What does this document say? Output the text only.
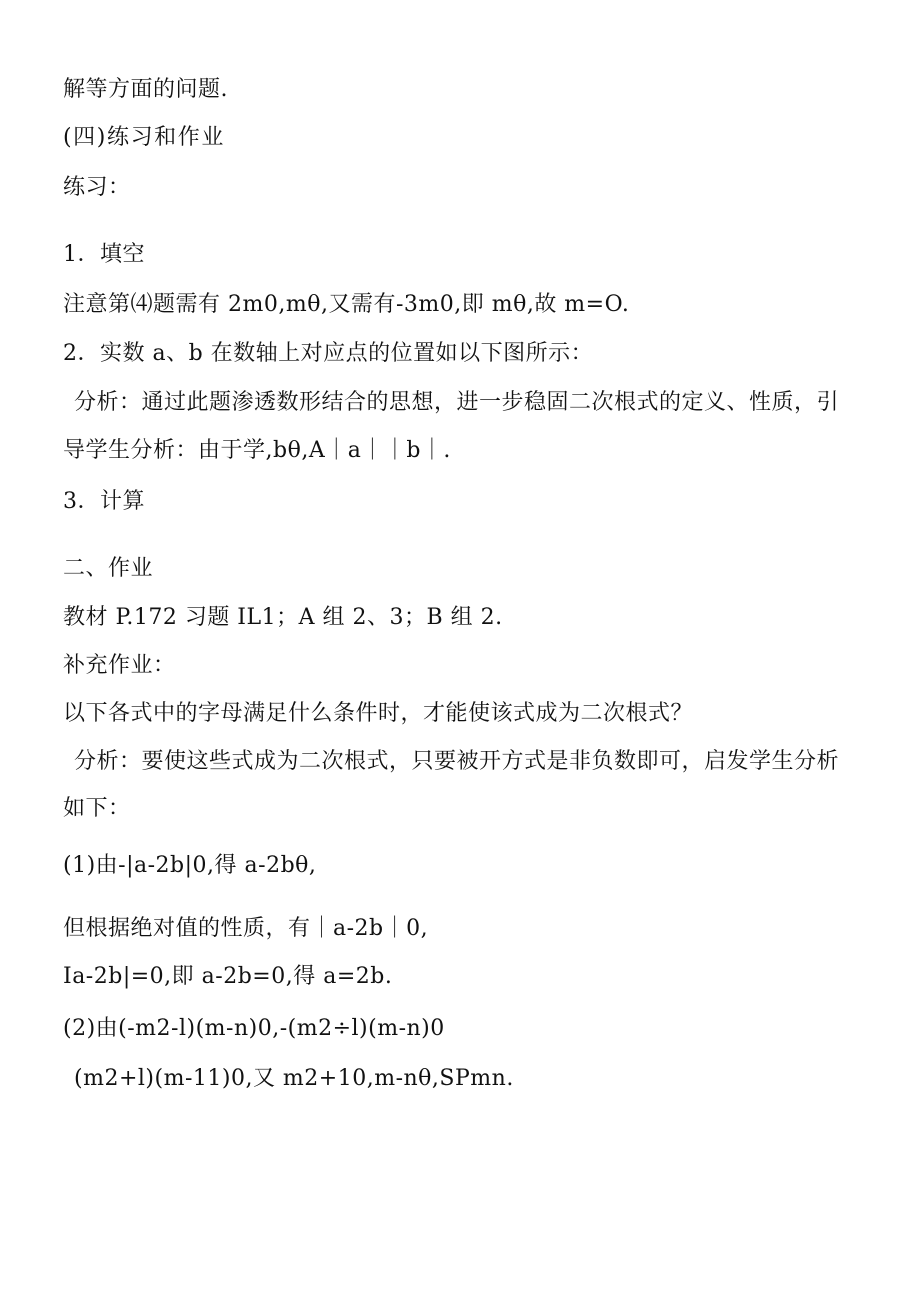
解等方面的问题.
(四)练习和作业
练习：
1．填空
注意第⑷题需有 2m0,mθ,又需有-3m0,即 mθ,故 m=O.
2．实数 a、b 在数轴上对应点的位置如以下图所示：
分析：通过此题渗透数形结合的思想，进一步稳固二次根式的定义、性质，引
导学生分析：由于学,bθ,A｜a｜｜b｜.
3．计算
二、作业
教材 P.172 习题 IL1；A 组 2、3；B 组 2.
补充作业：
以下各式中的字母满足什么条件时，才能使该式成为二次根式？
分析：要使这些式成为二次根式，只要被开方式是非负数即可，启发学生分析
如下：
(1)由-|a-2b|0,得 a-2bθ,
但根据绝对值的性质，有｜a-2b｜0,
Ia-2b|=0,即 a-2b=0,得 a=2b.
(2)由(-m2-l)(m-n)0,-(m2÷l)(m-n)0
(m2+l)(m-11)0,又 m2+10,m-nθ,SPmn.
